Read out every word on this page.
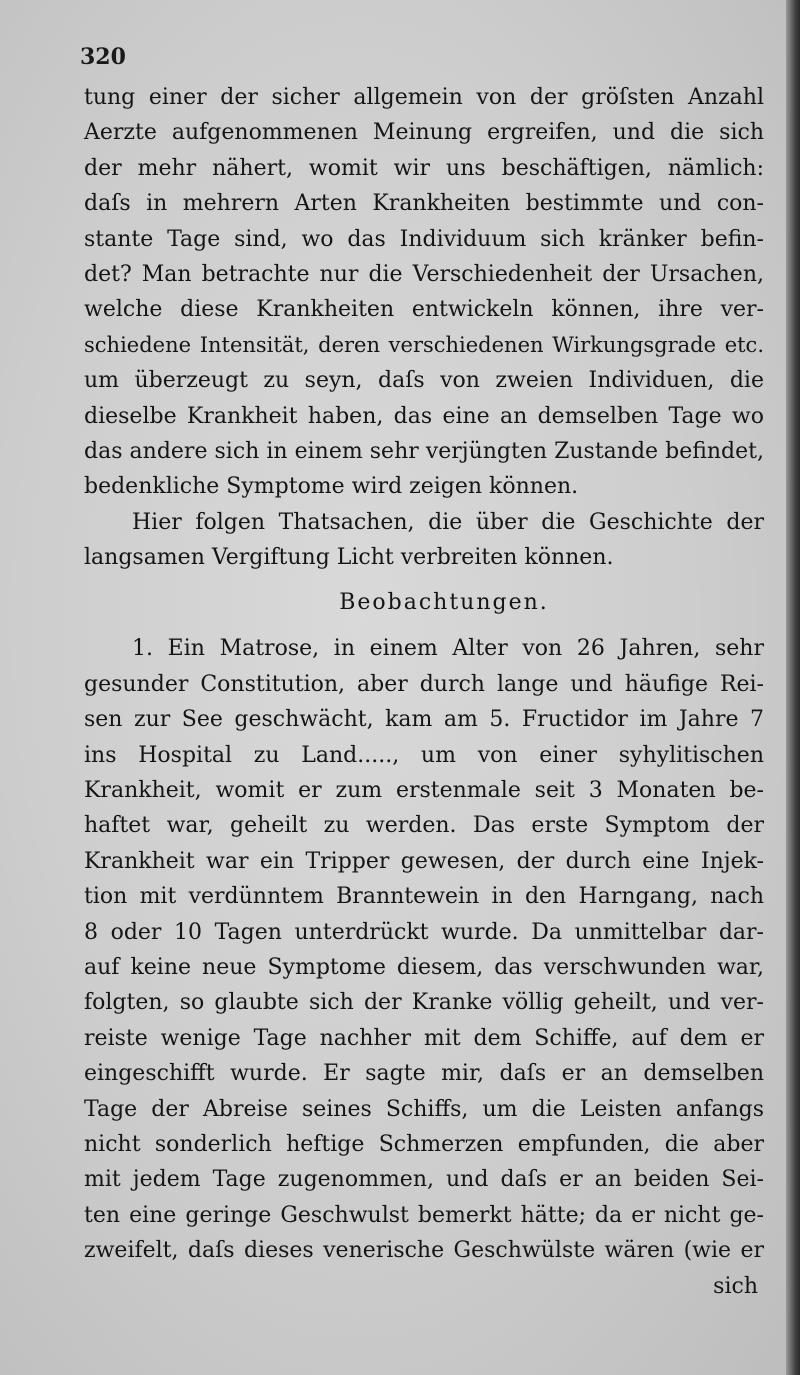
320
tung einer der sicher allgemein von der gröſsten Anzahl
Aerzte aufgenommenen Meinung ergreifen, und die sich
der mehr nähert, womit wir uns beschäftigen, nämlich:
daſs in mehrern Arten Krankheiten bestimmte und con-
stante Tage sind, wo das Individuum sich kränker befin-
det? Man betrachte nur die Verschiedenheit der Ursachen,
welche diese Krankheiten entwickeln können, ihre ver-
schiedene Intensität, deren verschiedenen Wirkungsgrade etc.
um überzeugt zu seyn, daſs von zweien Individuen, die
dieselbe Krankheit haben, das eine an demselben Tage wo
das andere sich in einem sehr verjüngten Zustande befindet,
bedenkliche Symptome wird zeigen können.
Hier folgen Thatsachen, die über die Geschichte der
langsamen Vergiftung Licht verbreiten können.
Beobachtungen.
1. Ein Matrose, in einem Alter von 26 Jahren, sehr
gesunder Constitution, aber durch lange und häufige Rei-
sen zur See geschwächt, kam am 5. Fructidor im Jahre 7
ins Hospital zu Land....., um von einer syhylitischen
Krankheit, womit er zum erstenmale seit 3 Monaten be-
haftet war, geheilt zu werden. Das erste Symptom der
Krankheit war ein Tripper gewesen, der durch eine Injek-
tion mit verdünntem Branntewein in den Harngang, nach
8 oder 10 Tagen unterdrückt wurde. Da unmittelbar dar-
auf keine neue Symptome diesem, das verschwunden war,
folgten, so glaubte sich der Kranke völlig geheilt, und ver-
reiste wenige Tage nachher mit dem Schiffe, auf dem er
eingeschifft wurde. Er sagte mir, daſs er an demselben
Tage der Abreise seines Schiffs, um die Leisten anfangs
nicht sonderlich heftige Schmerzen empfunden, die aber
mit jedem Tage zugenommen, und daſs er an beiden Sei-
ten eine geringe Geschwulst bemerkt hätte; da er nicht ge-
zweifelt, daſs dieses venerische Geschwülste wären (wie er
sich
